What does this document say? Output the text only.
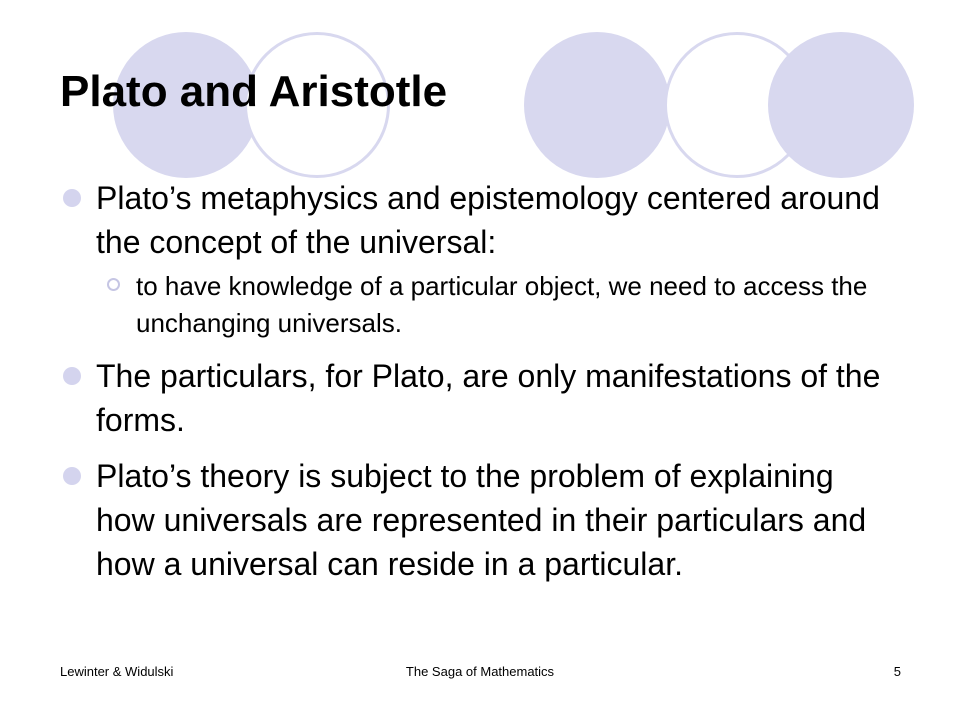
Plato and Aristotle
Plato’s metaphysics and epistemology centered around the concept of the universal:
to have knowledge of a particular object, we need to access the unchanging universals.
The particulars, for Plato, are only manifestations of the forms.
Plato’s theory is subject to the problem of explaining how universals are represented in their particulars and how a universal can reside in a particular.
Lewinter & Widulski	The Saga of Mathematics	5
